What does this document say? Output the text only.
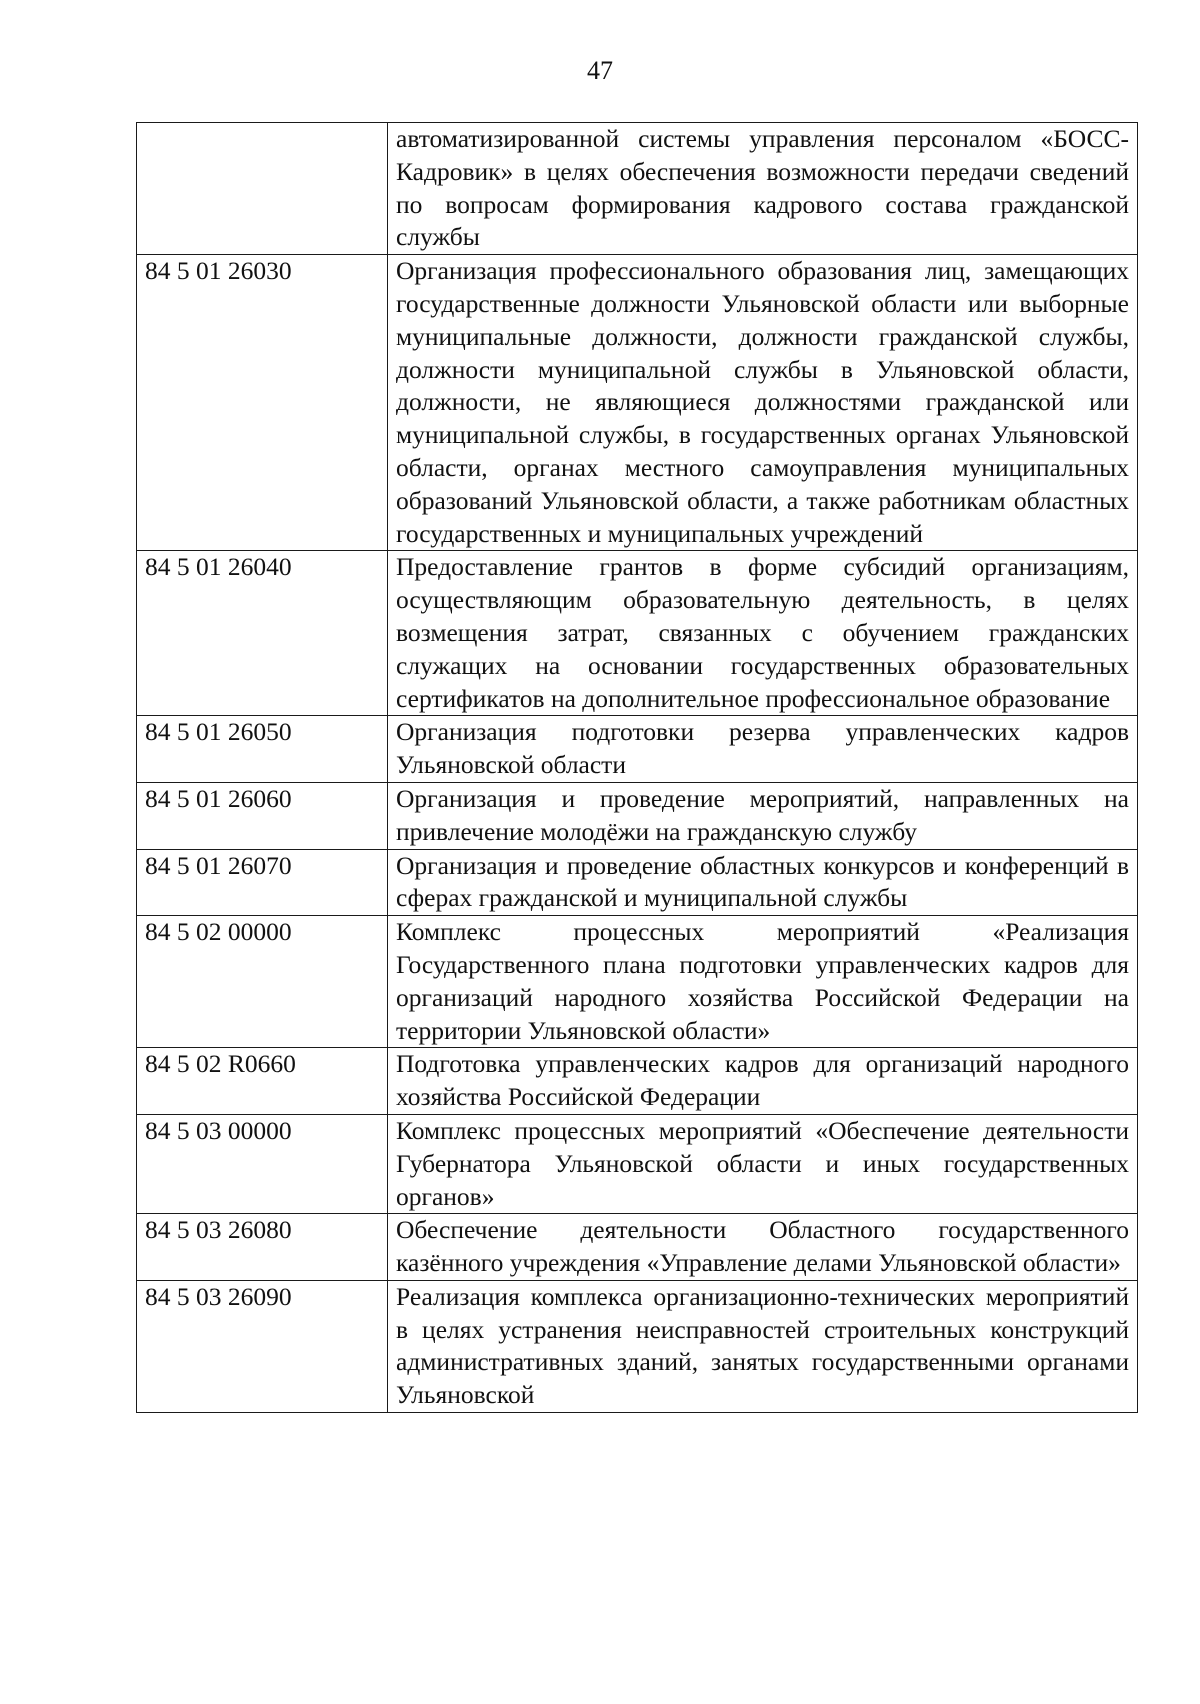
47
	автоматизированной системы управления персоналом «БОСС-Кадровик» в целях обеспечения возможности передачи сведений по вопросам формирования кадрового состава гражданской службы
84 5 01 26030	Организация профессионального образования лиц, замещающих государственные должности Ульяновской области или выборные муниципальные должности, должности гражданской службы, должности муниципальной службы в Ульяновской области, должности, не являющиеся должностями гражданской или муниципальной службы, в государственных органах Ульяновской области, органах местного самоуправления муниципальных образований Ульяновской области, а также работникам областных государственных и муниципальных учреждений
84 5 01 26040	Предоставление грантов в форме субсидий организациям, осуществляющим образовательную деятельность, в целях возмещения затрат, связанных с обучением гражданских служащих на основании государственных образовательных сертификатов на дополнительное профессиональное образование
84 5 01 26050	Организация подготовки резерва управленческих кадров Ульяновской области
84 5 01 26060	Организация и проведение мероприятий, направленных на привлечение молодёжи на гражданскую службу
84 5 01 26070	Организация и проведение областных конкурсов и конференций в сферах гражданской и муниципальной службы
84 5 02 00000	Комплекс процессных мероприятий «Реализация Государственного плана подготовки управленческих кадров для организаций народного хозяйства Российской Федерации на территории Ульяновской области»
84 5 02 R0660	Подготовка управленческих кадров для организаций народного хозяйства Российской Федерации
84 5 03 00000	Комплекс процессных мероприятий «Обеспечение деятельности Губернатора Ульяновской области и иных государственных органов»
84 5 03 26080	Обеспечение деятельности Областного государственного казённого учреждения «Управление делами Ульяновской области»
84 5 03 26090	Реализация комплекса организационно-технических мероприятий в целях устранения неисправностей строительных конструкций административных зданий, занятых государственными органами Ульяновской
